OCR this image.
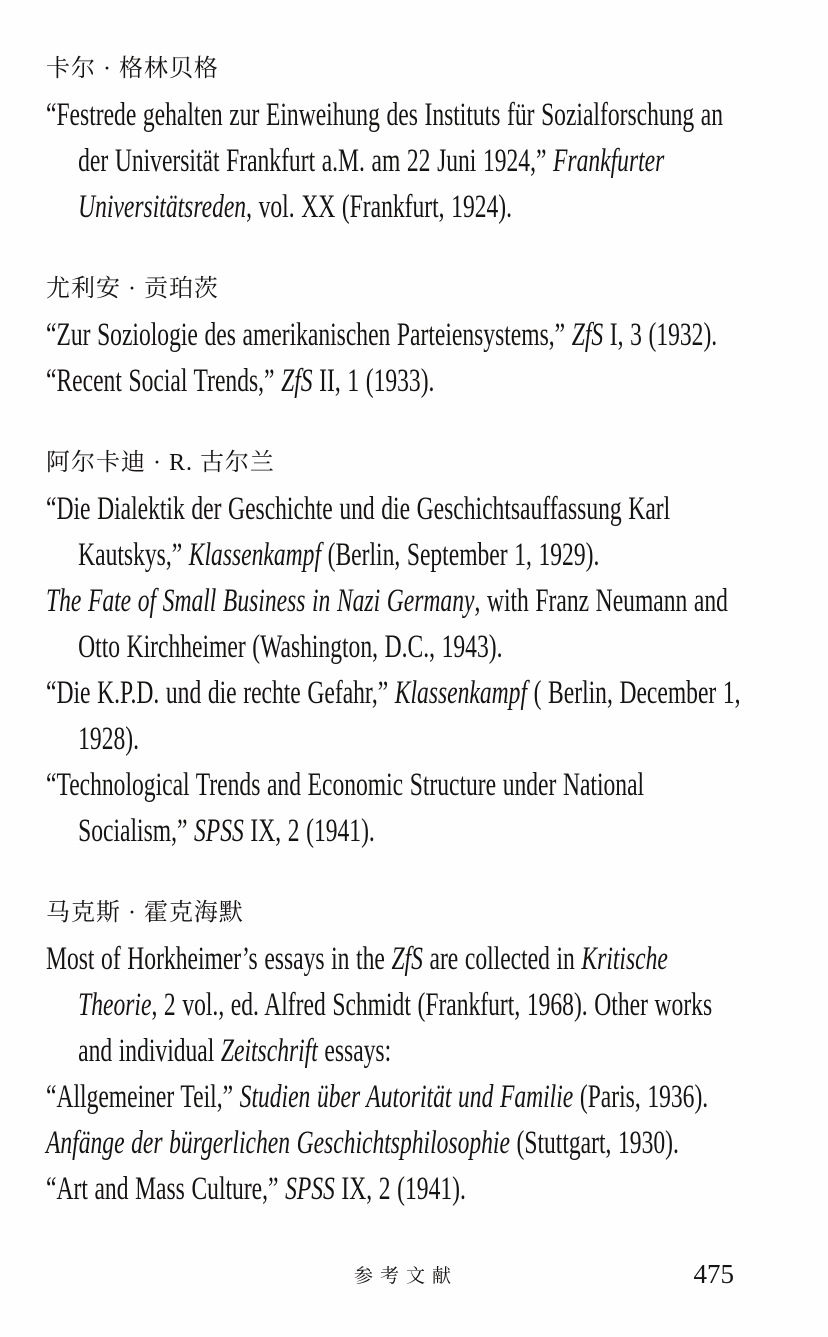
卡尔 · 格林贝格

“Festrede gehalten zur Einweihung des Instituts für Sozialforschung an der Universität Frankfurt a.M. am 22 Juni 1924,” Frankfurter Universitätsreden, vol. XX (Frankfurt, 1924).

尤利安 · 贡珀茨

“Zur Soziologie des amerikanischen Parteiensystems,” ZfS I, 3 (1932).

“Recent Social Trends,” ZfS II, 1 (1933).

阿尔卡迪 · R. 古尔兰

“Die Dialektik der Geschichte und die Geschichtsauffassung Karl Kautskys,” Klassenkampf (Berlin, September 1, 1929).

The Fate of Small Business in Nazi Germany, with Franz Neumann and Otto Kirchheimer (Washington, D.C., 1943).

“Die K.P.D. und die rechte Gefahr,” Klassenkampf ( Berlin, December 1, 1928).

“Technological Trends and Economic Structure under National Socialism,” SPSS IX, 2 (1941).

马克斯 · 霍克海默

Most of Horkheimer’s essays in the ZfS are collected in Kritische Theorie, 2 vol., ed. Alfred Schmidt (Frankfurt, 1968). Other works and individual Zeitschrift essays:

“Allgemeiner Teil,” Studien über Autorität und Familie (Paris, 1936).

Anfänge der bürgerlichen Geschichtsphilosophie (Stuttgart, 1930).

“Art and Mass Culture,” SPSS IX, 2 (1941).

参考文献	475
